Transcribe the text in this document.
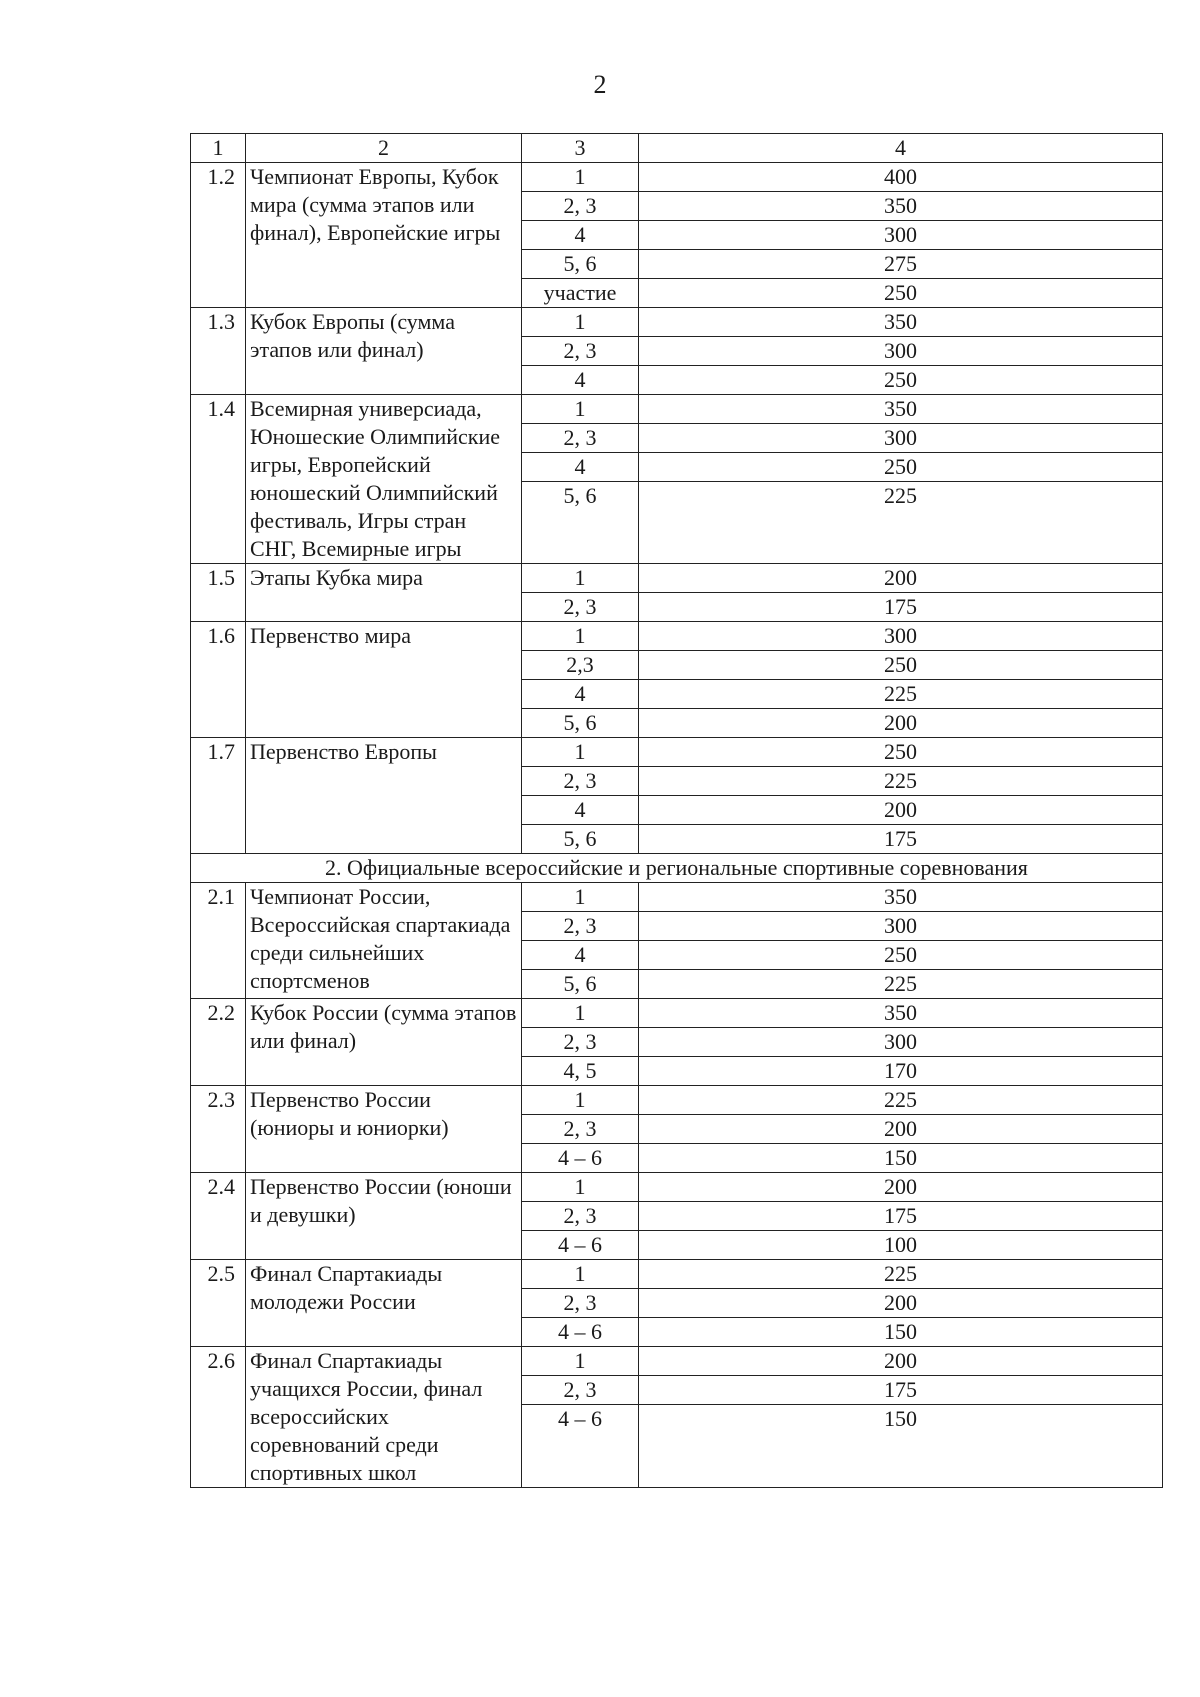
2
1	2	3	4
1.2	Чемпионат Европы, Кубок мира (сумма этапов или финал), Европейские игры	1	400
		2, 3	350
		4	300
		5, 6	275
		участие	250
1.3	Кубок Европы (сумма этапов или финал)	1	350
		2, 3	300
		4	250
1.4	Всемирная универсиада, Юношеские Олимпийские игры, Европейский юношеский Олимпийский фестиваль, Игры стран СНГ, Всемирные игры	1	350
		2, 3	300
		4	250
		5, 6	225

1.5	Этапы Кубка мира	1	200
		2, 3	175
1.6	Первенство мира	1	300
		2,3	250
		4	225
		5, 6	200
1.7	Первенство Европы	1	250
		2, 3	225
		4	200
		5, 6	175
2. Официальные всероссийские и региональные спортивные соревнования			
2.1	Чемпионат России, Всероссийская спартакиада среди сильнейших спортсменов	1	350
		2, 3	300
		4	250
		5, 6	225
2.2	Кубок России (сумма этапов или финал)	1	350
		2, 3	300
		4, 5	170
2.3	Первенство России (юниоры и юниорки)	1	225
		2, 3	200
		4 – 6	150
2.4	Первенство России (юноши и девушки)	1	200
		2, 3	175
		4 – 6	100
2.5	Финал Спартакиады молодежи России	1	225
		2, 3	200
		4 – 6	150
2.6	Финал Спартакиады учащихся России, финал всероссийских соревнований среди спортивных школ	1	200
		2, 3	175
		4 – 6	150
